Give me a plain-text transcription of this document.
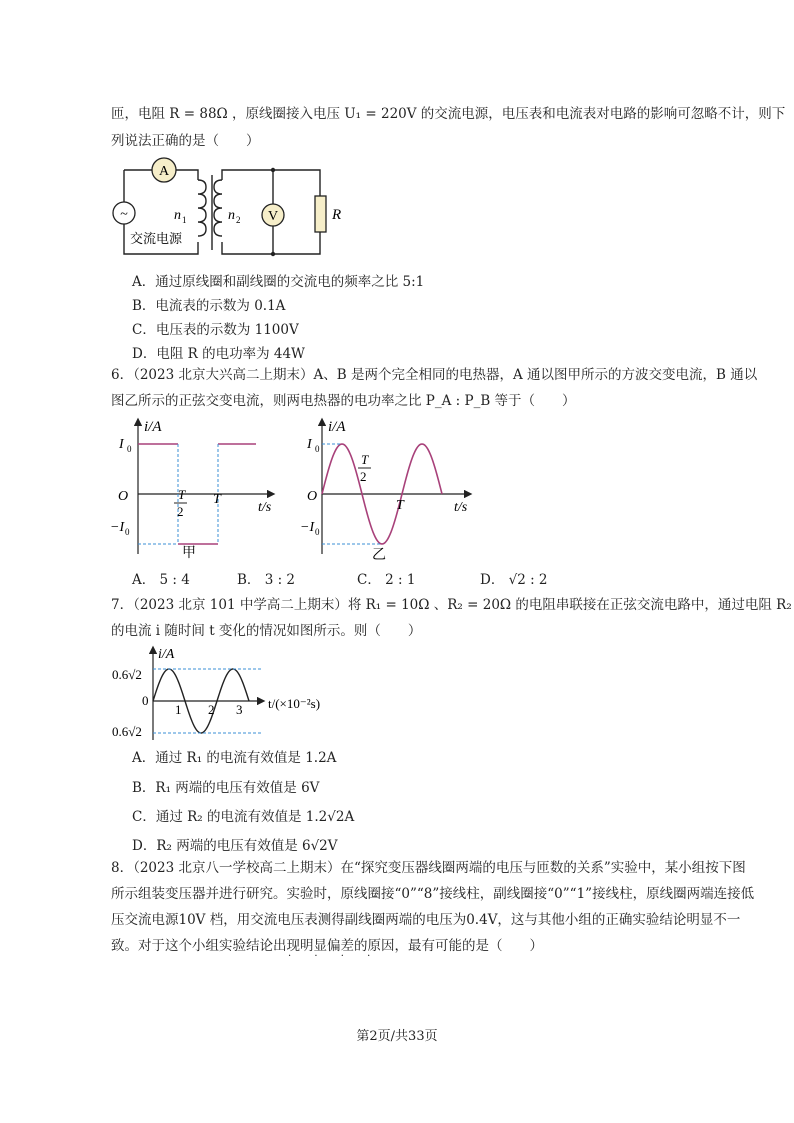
匝，电阻 R = 88Ω ，原线圈接入电压 U₁ = 220V 的交流电源，电压表和电流表对电路的影响可忽略不计，则下
列说法正确的是（　　）
~
A
V	R
n 1	n 2
交流电源
A．通过原线圈和副线圈的交流电的频率之比 5:1
B．电流表的示数为 0.1A
C．电压表的示数为 1100V
D．电阻 R 的电功率为 44W
6．（2023 北京大兴高二上期末）A、B 是两个完全相同的电热器，A 通以图甲所示的方波交变电流，B 通以
图乙所示的正弦交变电流，则两电热器的电功率之比 P_A : P_B 等于（　　）
i/A
t/s
O
I 0
−I 0
T
2
T
甲
i/A
t/s
O
I 0
−I 0
T
2
T
乙
A． 5 : 4	B． 3 : 2	C． 2 : 1	D． √2 : 2
7．（2023 北京 101 中学高二上期末）将 R₁ = 10Ω 、R₂ = 20Ω 的电阻串联接在正弦交流电路中，通过电阻 R₂
的电流 i 随时间 t 变化的情况如图所示。则（　　）
i/A
t/(×10⁻²s)
0.6√2
0.6√2
0
1 2 3
A．通过 R₁ 的电流有效值是 1.2A
B．R₁ 两端的电压有效值是 6V
C．通过 R₂ 的电流有效值是 1.2√2A
D．R₂ 两端的电压有效值是 6√2V
8．（2023 北京八一学校高二上期末）在“探究变压器线圈两端的电压与匝数的关系”实验中，某小组按下图
所示组装变压器并进行研究。实验时，原线圈接“0”“8”接线柱，副线圈接“0”“1”接线柱，原线圈两端连接低
压交流电源10V 档，用交流电压表测得副线圈两端的电压为0.4V，这与其他小组的正确实验结论明显不一
致。对于这个小组实验结论出现明显偏差的原因，最有可能的是（　　）
· · · ·
第2页/共33页
